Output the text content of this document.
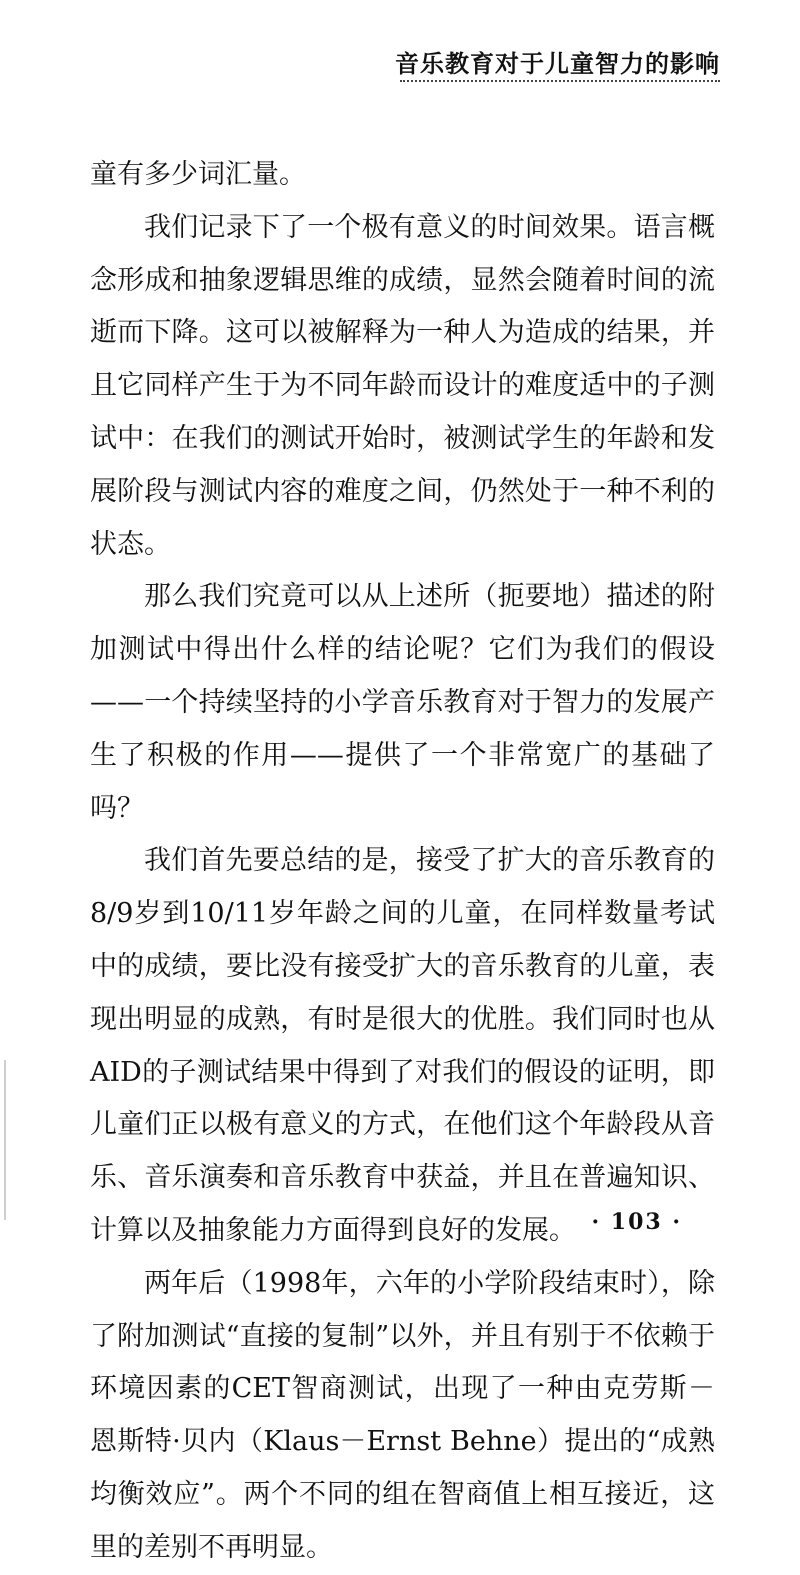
音乐教育对于儿童智力的影响

童有多少词汇量。

我们记录下了一个极有意义的时间效果。语言概念形成和抽象逻辑思维的成绩，显然会随着时间的流逝而下降。这可以被解释为一种人为造成的结果，并且它同样产生于为不同年龄而设计的难度适中的子测试中：在我们的测试开始时，被测试学生的年龄和发展阶段与测试内容的难度之间，仍然处于一种不利的状态。

那么我们究竟可以从上述所（扼要地）描述的附加测试中得出什么样的结论呢？它们为我们的假设——一个持续坚持的小学音乐教育对于智力的发展产生了积极的作用——提供了一个非常宽广的基础了吗？

我们首先要总结的是，接受了扩大的音乐教育的8/9岁到10/11岁年龄之间的儿童，在同样数量考试中的成绩，要比没有接受扩大的音乐教育的儿童，表现出明显的成熟，有时是很大的优胜。我们同时也从AID的子测试结果中得到了对我们的假设的证明，即儿童们正以极有意义的方式，在他们这个年龄段从音乐、音乐演奏和音乐教育中获益，并且在普遍知识、计算以及抽象能力方面得到良好的发展。

两年后（1998年，六年的小学阶段结束时），除了附加测试“直接的复制”以外，并且有别于不依赖于环境因素的CET智商测试，出现了一种由克劳斯－恩斯特·贝内（Klaus－Ernst Behne）提出的“成熟均衡效应”。两个不同的组在智商值上相互接近，这里的差别不再明显。

· 103 ·
